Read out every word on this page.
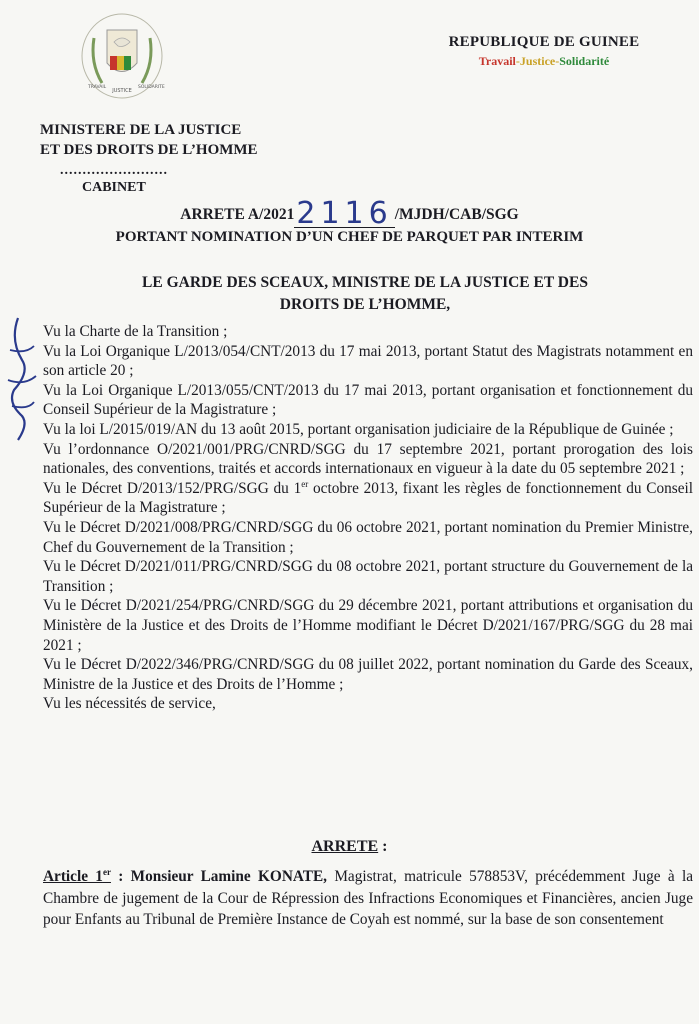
JUSTICE
TRAVAIL	SOLIDARITE
REPUBLIQUE DE GUINEE
Travail-Justice-Solidarité
MINISTERE DE LA JUSTICE
ET DES DROITS DE L’HOMME
........................
CABINET
ARRETE A/20212116 /MJDH/CAB/SGG
PORTANT NOMINATION D’UN CHEF DE PARQUET PAR INTERIM
LE GARDE DES SCEAUX, MINISTRE DE LA JUSTICE ET DES
DROITS DE L’HOMME,

Vu la Charte de la Transition ;

Vu la Loi Organique L/2013/054/CNT/2013 du 17 mai 2013, portant Statut des Magistrats notamment en son article 20 ;

Vu la Loi Organique L/2013/055/CNT/2013 du 17 mai 2013, portant organisation et fonctionnement du Conseil Supérieur de la Magistrature ;

Vu la loi L/2015/019/AN du 13 août 2015, portant organisation judiciaire de la République de Guinée ;

Vu l’ordonnance O/2021/001/PRG/CNRD/SGG du 17 septembre 2021, portant prorogation des lois nationales, des conventions, traités et accords internationaux en vigueur à la date du 05 septembre 2021 ;

Vu le Décret D/2013/152/PRG/SGG du 1er octobre 2013, fixant les règles de fonctionnement du Conseil Supérieur de la Magistrature ;

Vu le Décret D/2021/008/PRG/CNRD/SGG du 06 octobre 2021, portant nomination du Premier Ministre, Chef du Gouvernement de la Transition ;

Vu le Décret D/2021/011/PRG/CNRD/SGG du 08 octobre 2021, portant structure du Gouvernement de la Transition ;

Vu le Décret D/2021/254/PRG/CNRD/SGG du 29 décembre 2021, portant attributions et organisation du Ministère de la Justice et des Droits de l’Homme modifiant le Décret D/2021/167/PRG/SGG du 28 mai 2021 ;

Vu le Décret D/2022/346/PRG/CNRD/SGG du 08 juillet 2022, portant nomination du Garde des Sceaux, Ministre de la Justice et des Droits de l’Homme ;

Vu les nécessités de service,

ARRETE :
Article 1er : Monsieur Lamine KONATE, Magistrat, matricule 578853V, précédemment Juge à la Chambre de jugement de la Cour de Répression des Infractions Economiques et Financières, ancien Juge pour Enfants au Tribunal de Première Instance de Coyah est nommé, sur la base de son consentement
